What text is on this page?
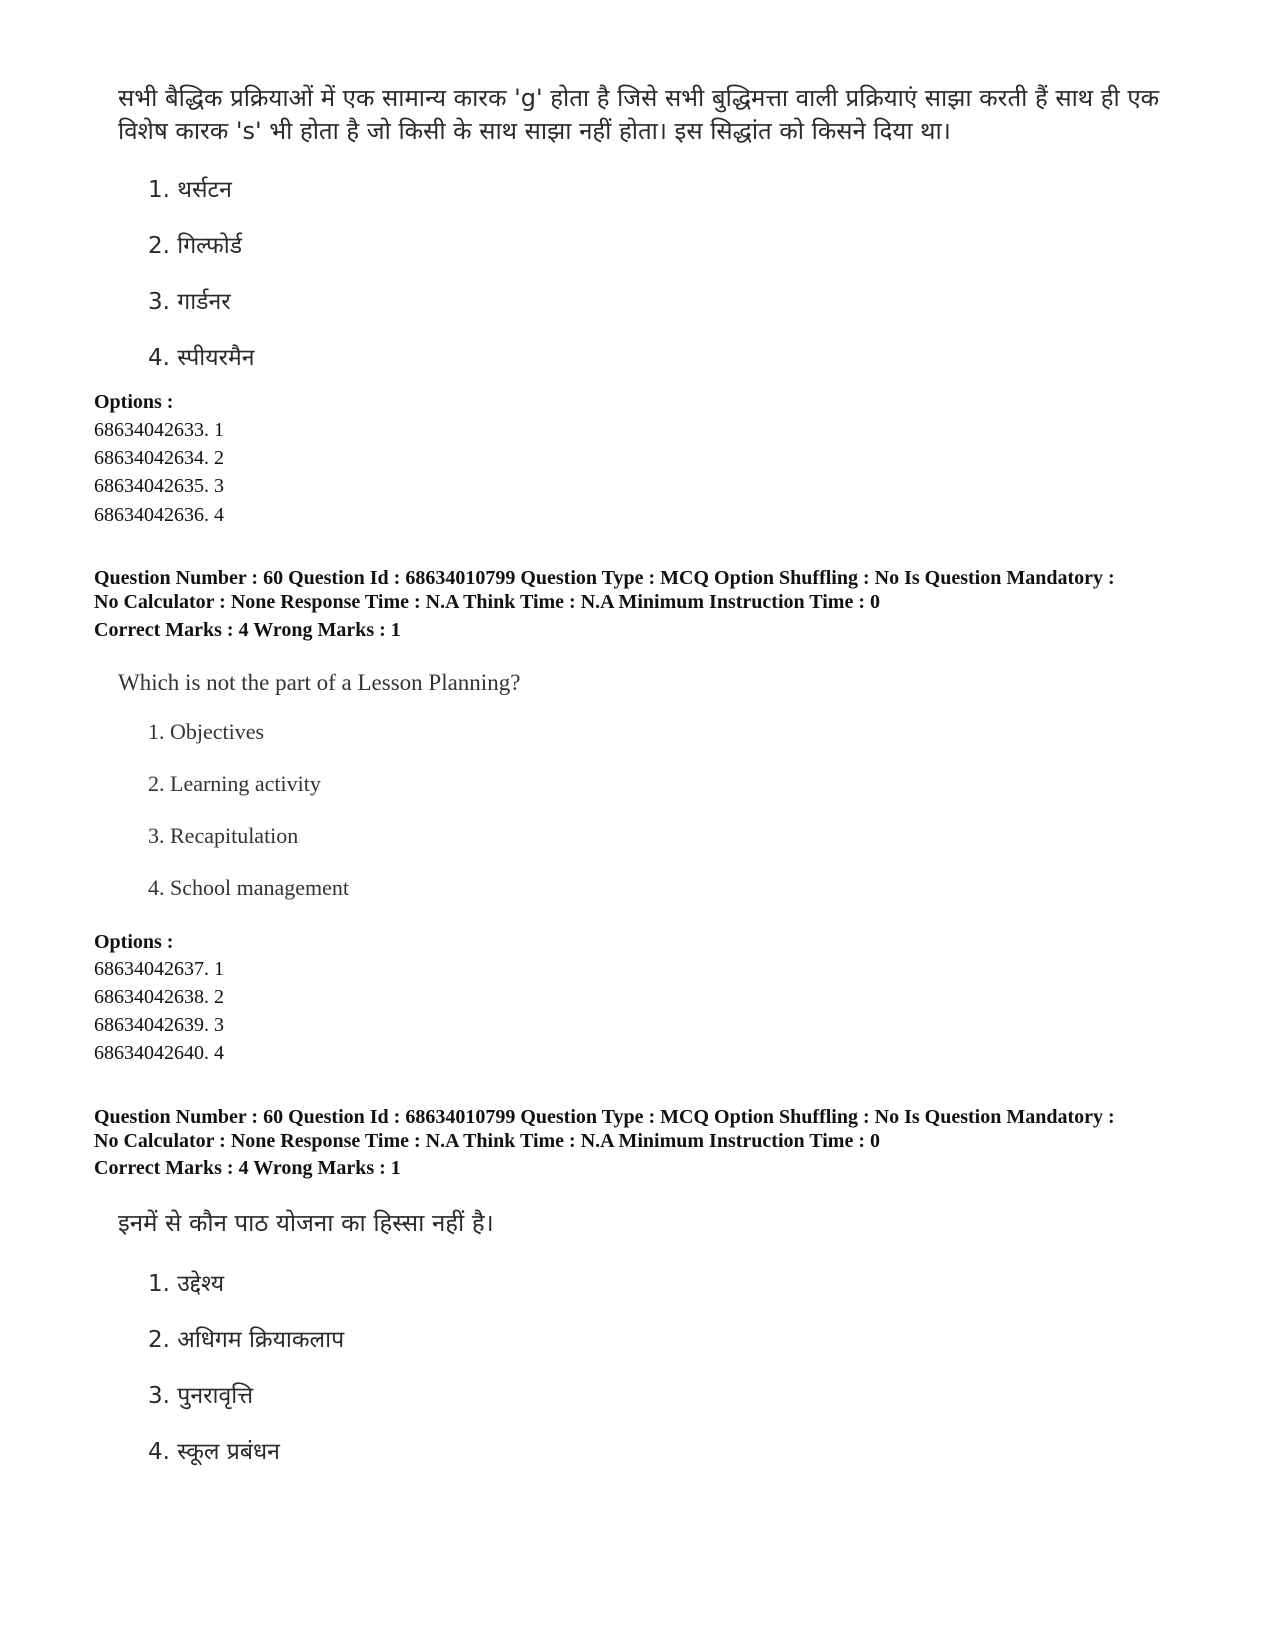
सभी बैद्धिक प्रक्रियाओं में एक सामान्य कारक 'g' होता है जिसे सभी बुद्धिमत्ता वाली प्रक्रियाएं साझा करती हैं साथ ही एक
विशेष कारक 's' भी होता है जो किसी के साथ साझा नहीं होता। इस सिद्धांत को किसने दिया था।
1. थर्सटन
2. गिल्फोर्ड
3. गार्डनर
4. स्पीयरमैन
Options :
68634042633. 1
68634042634. 2
68634042635. 3
68634042636. 4
Question Number : 60 Question Id : 68634010799 Question Type : MCQ Option Shuffling : No Is Question Mandatory :
No Calculator : None Response Time : N.A Think Time : N.A Minimum Instruction Time : 0
Correct Marks : 4 Wrong Marks : 1
Which is not the part of a Lesson Planning?
1. Objectives
2. Learning activity
3. Recapitulation
4. School management
Options :
68634042637. 1
68634042638. 2
68634042639. 3
68634042640. 4
Question Number : 60 Question Id : 68634010799 Question Type : MCQ Option Shuffling : No Is Question Mandatory :
No Calculator : None Response Time : N.A Think Time : N.A Minimum Instruction Time : 0
Correct Marks : 4 Wrong Marks : 1
इनमें से कौन पाठ योजना का हिस्सा नहीं है।
1. उद्देश्य
2. अधिगम क्रियाकलाप
3. पुनरावृत्ति
4. स्कूल प्रबंधन
